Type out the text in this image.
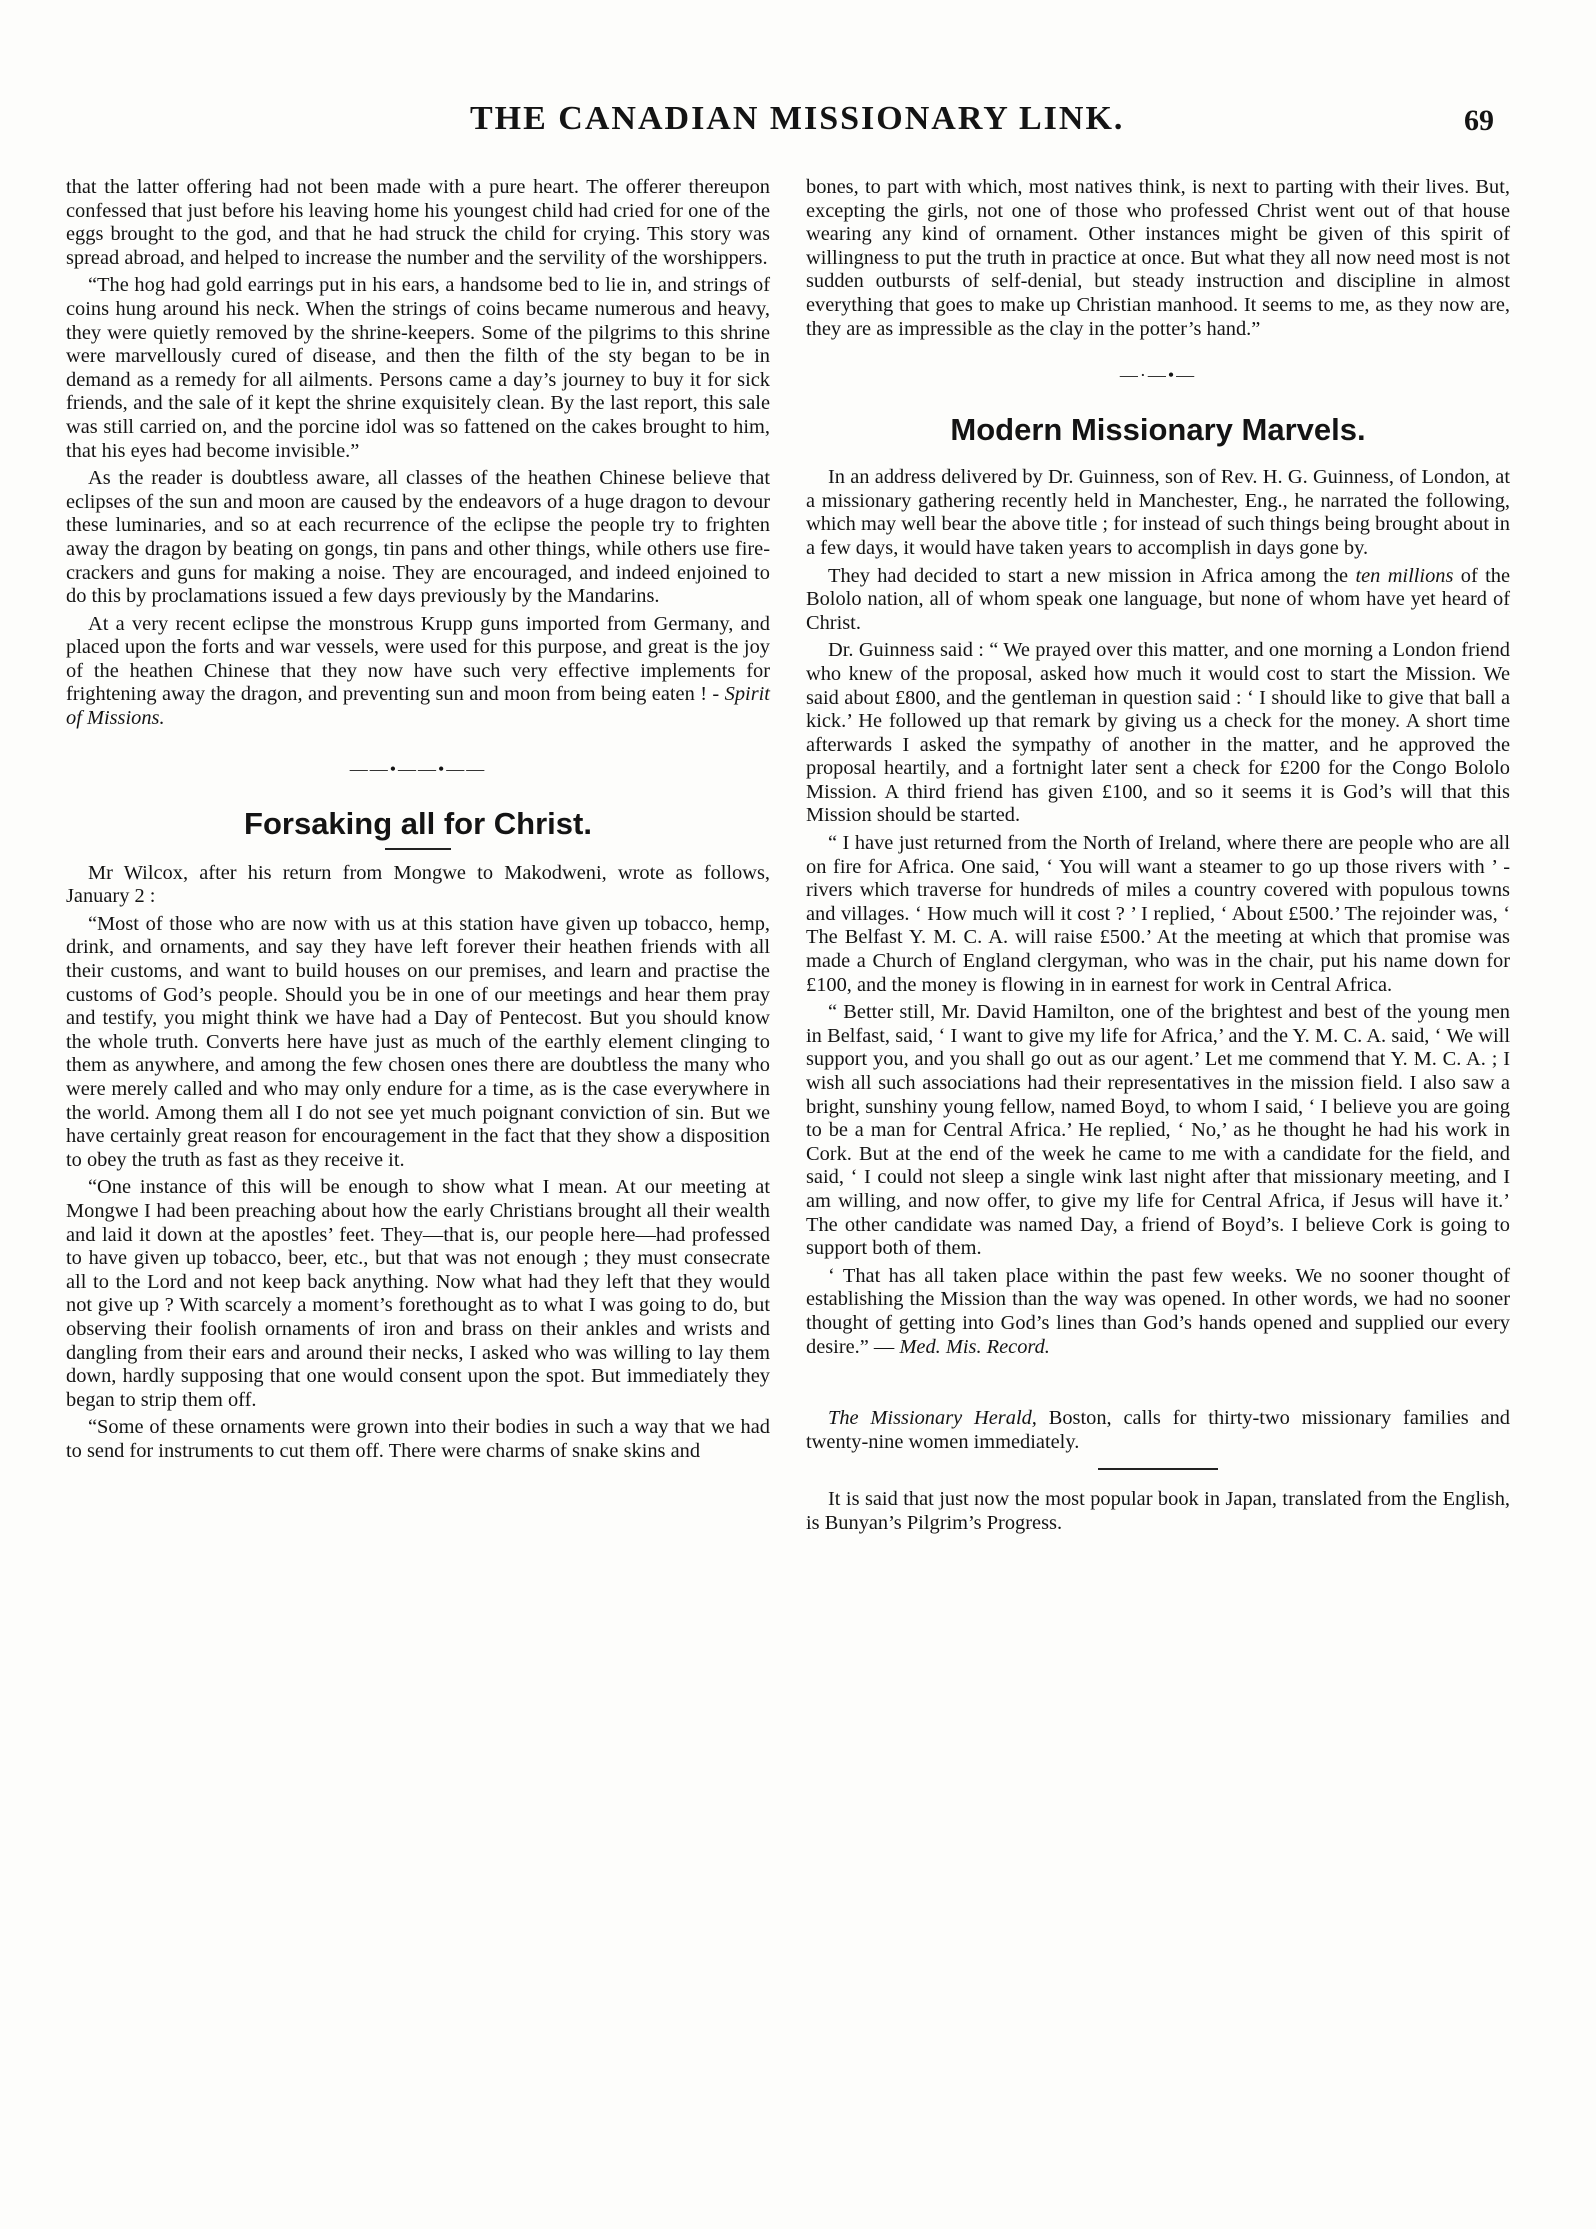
THE CANADIAN MISSIONARY LINK.	69

that the latter offering had not been made with a pure heart. The offerer thereupon confessed that just before his leaving home his youngest child had cried for one of the eggs brought to the god, and that he had struck the child for crying. This story was spread abroad, and helped to increase the number and the servility of the worshippers.

“The hog had gold earrings put in his ears, a handsome bed to lie in, and strings of coins hung around his neck. When the strings of coins became numerous and heavy, they were quietly removed by the shrine-keepers. Some of the pilgrims to this shrine were marvellously cured of disease, and then the filth of the sty began to be in demand as a remedy for all ailments. Persons came a day’s journey to buy it for sick friends, and the sale of it kept the shrine exquisitely clean. By the last report, this sale was still carried on, and the porcine idol was so fattened on the cakes brought to him, that his eyes had become invisible.”

As the reader is doubtless aware, all classes of the heathen Chinese believe that eclipses of the sun and moon are caused by the endeavors of a huge dragon to devour these luminaries, and so at each recurrence of the eclipse the people try to frighten away the dragon by beating on gongs, tin pans and other things, while others use fire-crackers and guns for making a noise. They are encouraged, and indeed enjoined to do this by proclamations issued a few days previously by the Mandarins.

At a very recent eclipse the monstrous Krupp guns imported from Germany, and placed upon the forts and war vessels, were used for this purpose, and great is the joy of the heathen Chinese that they now have such very effective implements for frightening away the dragon, and preventing sun and moon from being eaten ! - Spirit of Missions.

——•——•——
Forsaking all for Christ.

Mr Wilcox, after his return from Mongwe to Makodweni, wrote as follows, January 2 :

“Most of those who are now with us at this station have given up tobacco, hemp, drink, and ornaments, and say they have left forever their heathen friends with all their customs, and want to build houses on our premises, and learn and practise the customs of God’s people. Should you be in one of our meetings and hear them pray and testify, you might think we have had a Day of Pentecost. But you should know the whole truth. Converts here have just as much of the earthly element clinging to them as anywhere, and among the few chosen ones there are doubtless the many who were merely called and who may only endure for a time, as is the case everywhere in the world. Among them all I do not see yet much poignant conviction of sin. But we have certainly great reason for encouragement in the fact that they show a disposition to obey the truth as fast as they receive it.

“One instance of this will be enough to show what I mean. At our meeting at Mongwe I had been preaching about how the early Christians brought all their wealth and laid it down at the apostles’ feet. They—that is, our people here—had professed to have given up tobacco, beer, etc., but that was not enough ; they must consecrate all to the Lord and not keep back anything. Now what had they left that they would not give up ? With scarcely a moment’s forethought as to what I was going to do, but observing their foolish ornaments of iron and brass on their ankles and wrists and dangling from their ears and around their necks, I asked who was willing to lay them down, hardly supposing that one would consent upon the spot. But immediately they began to strip them off.

“Some of these ornaments were grown into their bodies in such a way that we had to send for instruments to cut them off. There were charms of snake skins and

bones, to part with which, most natives think, is next to parting with their lives. But, excepting the girls, not one of those who professed Christ went out of that house wearing any kind of ornament. Other instances might be given of this spirit of willingness to put the truth in practice at once. But what they all now need most is not sudden outbursts of self-denial, but steady instruction and discipline in almost everything that goes to make up Christian manhood. It seems to me, as they now are, they are as impressible as the clay in the potter’s hand.”

—·—•—
Modern Missionary Marvels.

In an address delivered by Dr. Guinness, son of Rev. H. G. Guinness, of London, at a missionary gathering recently held in Manchester, Eng., he narrated the following, which may well bear the above title ; for instead of such things being brought about in a few days, it would have taken years to accomplish in days gone by.

They had decided to start a new mission in Africa among the ten millions of the Bololo nation, all of whom speak one language, but none of whom have yet heard of Christ.

Dr. Guinness said : “ We prayed over this matter, and one morning a London friend who knew of the proposal, asked how much it would cost to start the Mission. We said about £800, and the gentleman in question said : ‘ I should like to give that ball a kick.’ He followed up that remark by giving us a check for the money. A short time afterwards I asked the sympathy of another in the matter, and he approved the proposal heartily, and a fortnight later sent a check for £200 for the Congo Bololo Mission. A third friend has given £100, and so it seems it is God’s will that this Mission should be started.

“ I have just returned from the North of Ireland, where there are people who are all on fire for Africa. One said, ‘ You will want a steamer to go up those rivers with ’ - rivers which traverse for hundreds of miles a country covered with populous towns and villages. ‘ How much will it cost ? ’ I replied, ‘ About £500.’ The rejoinder was, ‘ The Belfast Y. M. C. A. will raise £500.’ At the meeting at which that promise was made a Church of England clergyman, who was in the chair, put his name down for £100, and the money is flowing in in earnest for work in Central Africa.

“ Better still, Mr. David Hamilton, one of the brightest and best of the young men in Belfast, said, ‘ I want to give my life for Africa,’ and the Y. M. C. A. said, ‘ We will support you, and you shall go out as our agent.’ Let me commend that Y. M. C. A. ; I wish all such associations had their representatives in the mission field. I also saw a bright, sunshiny young fellow, named Boyd, to whom I said, ‘ I believe you are going to be a man for Central Africa.’ He replied, ‘ No,’ as he thought he had his work in Cork. But at the end of the week he came to me with a candidate for the field, and said, ‘ I could not sleep a single wink last night after that missionary meeting, and I am willing, and now offer, to give my life for Central Africa, if Jesus will have it.’ The other candidate was named Day, a friend of Boyd’s. I believe Cork is going to support both of them.

‘ That has all taken place within the past few weeks. We no sooner thought of establishing the Mission than the way was opened. In other words, we had no sooner thought of getting into God’s lines than God’s hands opened and supplied our every desire.” — Med. Mis. Record.

The Missionary Herald, Boston, calls for thirty-two missionary families and twenty-nine women immediately.

It is said that just now the most popular book in Japan, translated from the English, is Bunyan’s Pilgrim’s Progress.
